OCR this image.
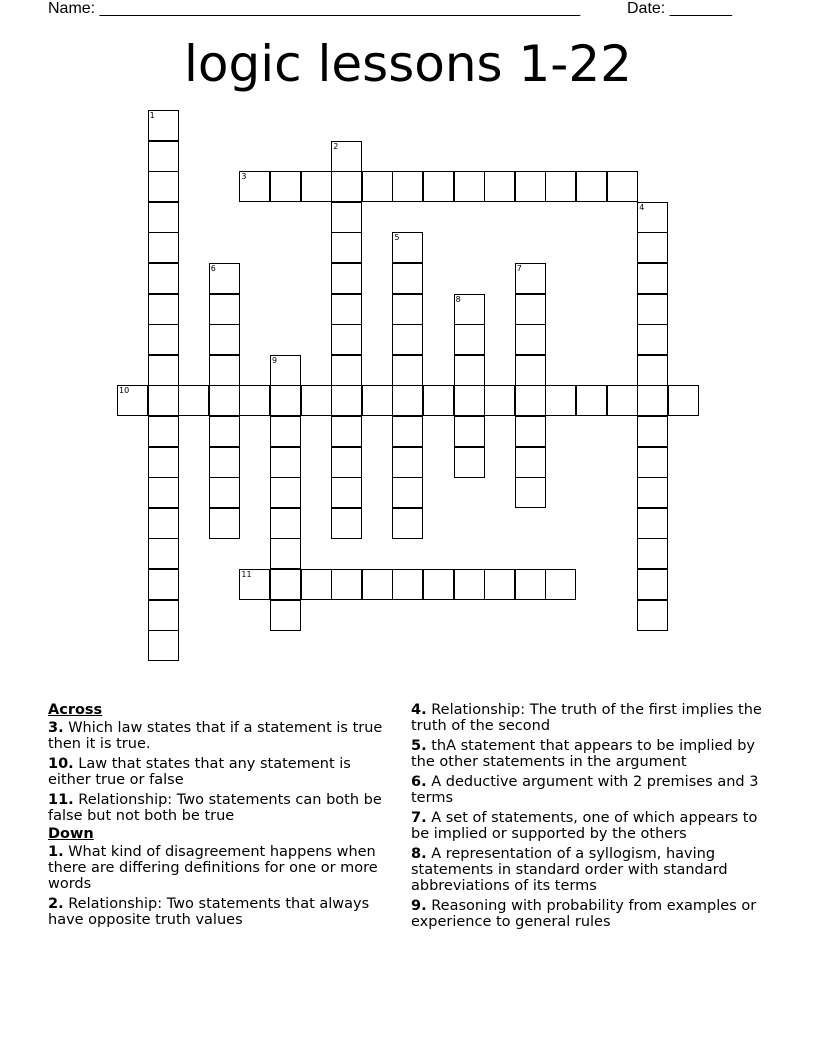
Name: ______________________________________________________	Date: _______
logic lessons 1-22
1
2
3
4
5
6	7
8
9
10
11
Across
3. Which law states that if a statement is true then it is true.
10. Law that states that any statement is either true or false
11. Relationship: Two statements can both be false but not both be true
Down
1. What kind of disagreement happens when there are differing definitions for one or more words
2. Relationship: Two statements that always have opposite truth values
4. Relationship: The truth of the first implies the truth of the second
5. thA statement that appears to be implied by the other statements in the argument
6. A deductive argument with 2 premises and 3 terms
7. A set of statements, one of which appears to be implied or supported by the others
8. A representation of a syllogism, having statements in standard order with standard abbreviations of its terms
9. Reasoning with probability from examples or experience to general rules
